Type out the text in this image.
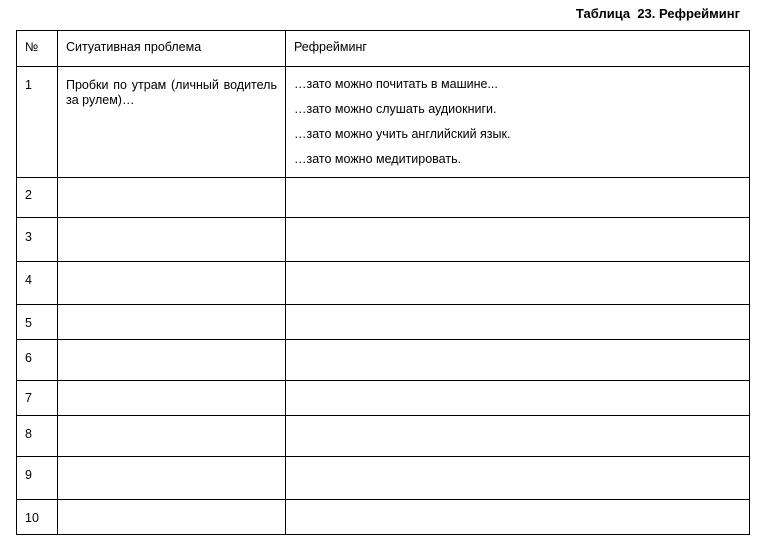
Таблица  23. Рефрейминг
№	Ситуативная проблема	Рефрейминг
1	Пробки по утрам (личный водитель за рулем)…	…зато можно почитать в машине...
…зато можно слушать аудиокниги.
…зато можно учить английский язык.
…зато можно медитировать.

2		
3		
4		
5		
6		
7		
8		
9		
10		
